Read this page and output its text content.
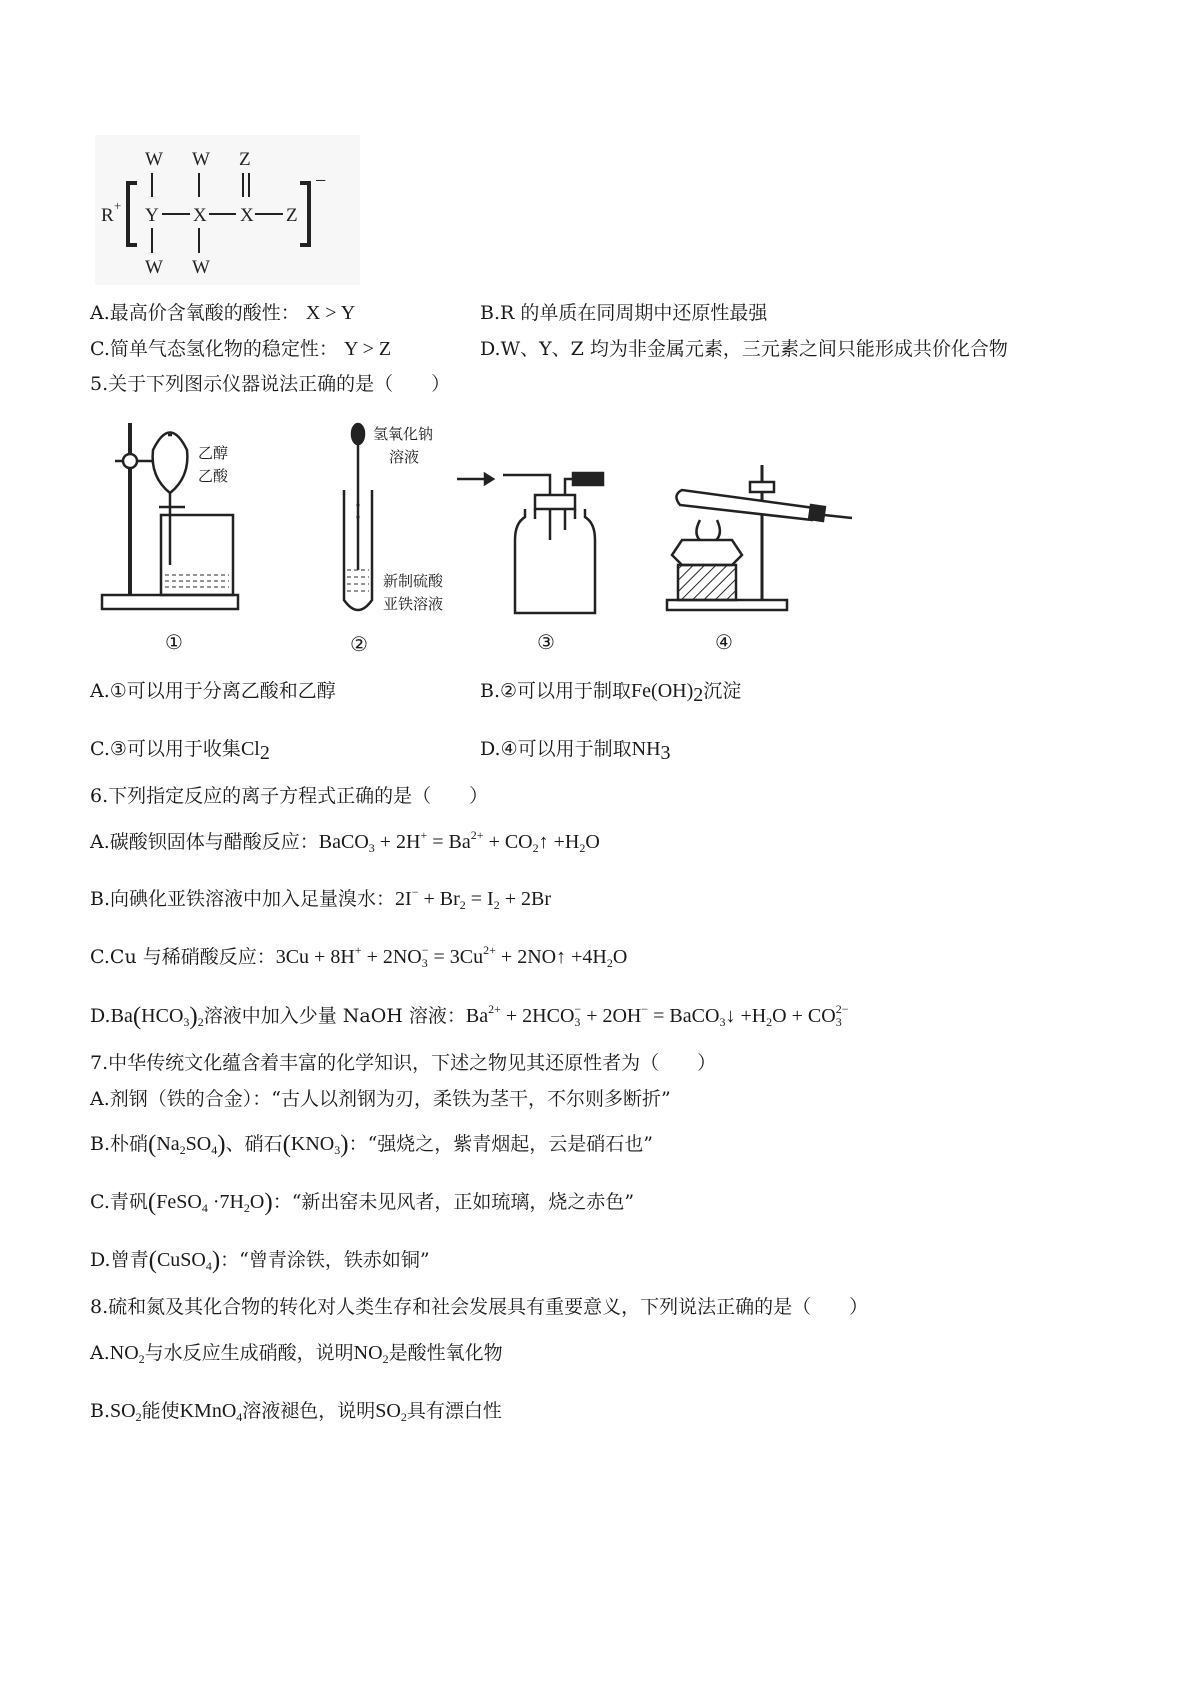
R +
W W Z
Y X X Z
W W
−
A.最高价含氧酸的酸性： X > Y	B.R 的单质在同周期中还原性最强
C.简单气态氢化物的稳定性： Y > Z	D.W、Y、Z 均为非金属元素，三元素之间只能形成共价化合物
5.关于下列图示仪器说法正确的是（　　）
乙醇
乙酸
氢氧化钠
溶液
新制硫酸
亚铁溶液
①	②	③	④
A.①可以用于分离乙酸和乙醇	B.②可以用于制取$Fe(OH)_2$沉淀
C.③可以用于收集$Cl_2$	D.④可以用于制取$NH_3$
6.下列指定反应的离子方程式正确的是（　　）
A.碳酸钡固体与醋酸反应：BaCO$_3$ + $2H^+ = Ba^{2+}$ + $CO_2↑ +H_2O$
B.向碘化亚铁溶液中加入足量溴水：$2I^- + Br_2 = I_2 + 2Br$
C.Cu 与稀硝酸反应：$3Cu + 8H^+ + 2NO_3^- = 3Cu^{2+}$ + 2NO↑ $+4H_2O$
$D.Ba(HCO_3)_2$溶液中加入少量 NaOH 溶液：$Ba^{2+} + 2HCO_3^- + 2OH^-$ = BaCO$_3$↓ $+H_2O + CO_3^{2-}$
7.中华传统文化蕴含着丰富的化学知识，下述之物见其还原性者为（　　）
A.剂钢（铁的合金）：“古人以剂钢为刃，柔铁为茎干，不尔则多断折”
B.朴硝$(Na_2SO_4)$、硝石$(KNO_3)$：“强烧之，紫青烟起，云是硝石也”
C.青矾(FeSO$_4$ $\cdot 7H_2O$)：“新出窑未见风者，正如琉璃，烧之赤色”
D.曾青(CuSO$_4$)：“曾青涂铁，铁赤如铜”
8.硫和氮及其化合物的转化对人类生存和社会发展具有重要意义，下列说法正确的是（　　）
$A.NO_2$与水反应生成硝酸，说明$NO_2$是酸性氧化物
$B.SO_2$能使KMnO$_4$溶液褪色，说明$SO_2$具有漂白性
